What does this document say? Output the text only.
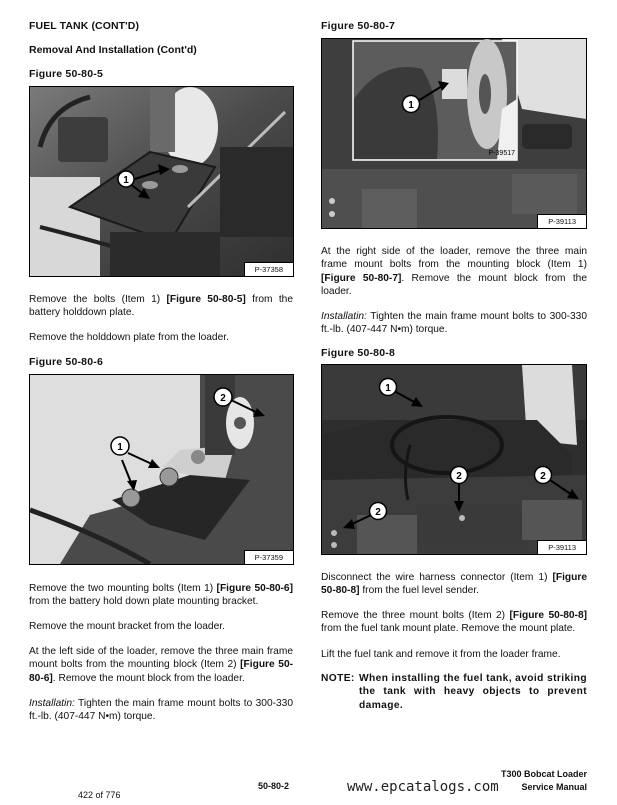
FUEL TANK (CONT'D)
Removal And Installation (Cont'd)
Figure 50-80-5
1
P-37358
Remove the bolts (Item 1) [Figure 50-80-5] from the battery holddown plate.
Remove the holddown plate from the loader.
Figure 50-80-6
1
2
P-37359
Remove the two mounting bolts (Item 1) [Figure 50-80-6] from the battery hold down plate mounting bracket.
Remove the mount bracket from the loader.
At the left side of the loader, remove the three main frame mount bolts from the mounting block (Item 2) [Figure 50-80-6]. Remove the mount block from the loader.
Installatin: Tighten the main frame mount bolts to 300-330 ft.-lb. (407-447 N•m) torque.
Figure 50-80-7
1
P-39517
P-39113
At the right side of the loader, remove the three main frame mount bolts from the mounting block (Item 1) [Figure 50-80-7]. Remove the mount block from the loader.
Installatin: Tighten the main frame mount bolts to 300-330 ft.-lb. (407-447 N•m) torque.
Figure 50-80-8
1
2	2
2
P-39113
Disconnect the wire harness connector (Item 1) [Figure 50-80-8] from the fuel level sender.
Remove the three mount bolts (Item 2) [Figure 50-80-8] from the fuel tank mount plate. Remove the mount plate.
Lift the fuel tank and remove it from the loader frame.
NOTE: When installing the fuel tank, avoid striking the tank with heavy objects to prevent damage.
422 of 776
50-80-2
T300 Bobcat Loader
Service Manual
www.epcatalogs.com
